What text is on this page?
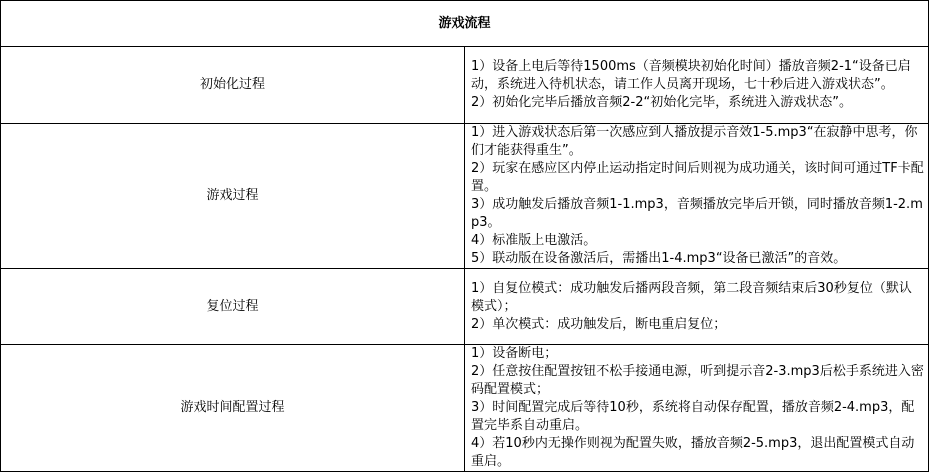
游戏流程	
初始化过程	1）设备上电后等待1500ms（音频模块初始化时间）播放音频2-1“设备已启动，系统进入待机状态，请工作人员离开现场，七十秒后进入游戏状态”。
2）初始化完毕后播放音频2-2“初始化完毕，系统进入游戏状态”。

游戏过程	1）进入游戏状态后第一次感应到人播放提示音效1-5.mp3“在寂静中思考，你们才能获得重生”。
2）玩家在感应区内停止运动指定时间后则视为成功通关，该时间可通过TF卡配置。
3）成功触发后播放音频1-1.mp3，音频播放完毕后开锁，同时播放音频1-2.mp3。
4）标准版上电激活。
5）联动版在设备激活后，需播出1-4.mp3“设备已激活”的音效。

复位过程	1）自复位模式：成功触发后播两段音频，第二段音频结束后30秒复位（默认模式）；
2）单次模式：成功触发后，断电重启复位；

游戏时间配置过程	1）设备断电；
2）任意按住配置按钮不松手接通电源，听到提示音2-3.mp3后松手系统进入密码配置模式；
3）时间配置完成后等待10秒，系统将自动保存配置，播放音频2-4.mp3，配置完毕系自动重启。
4）若10秒内无操作则视为配置失败，播放音频2-5.mp3，退出配置模式自动重启。
